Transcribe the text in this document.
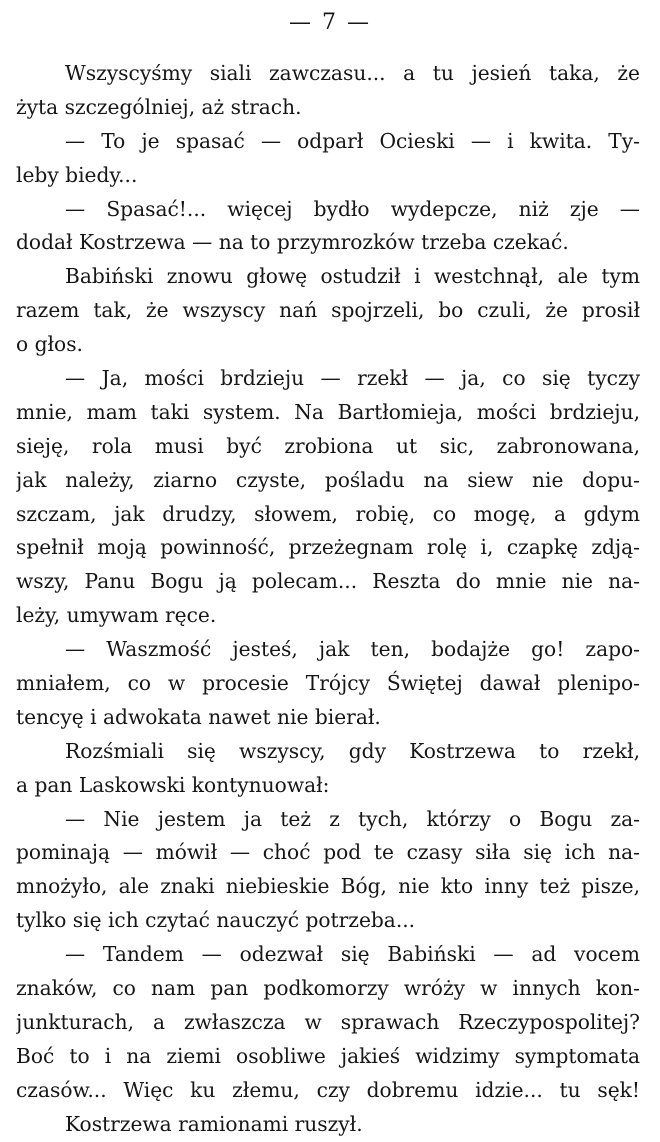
— 7 —
Wszyscyśmy siali zawczasu... a tu jesień taka, że
żyta szczególniej, aż strach.
— To je spasać — odparł Ocieski — i kwita. Ty-
leby biedy...
— Spasać!... więcej bydło wydepcze, niż zje —
dodał Kostrzewa — na to przymrozków trzeba czekać.
Babiński znowu głowę ostudził i westchnął, ale tym
razem tak, że wszyscy nań spojrzeli, bo czuli, że prosił
o głos.
— Ja, mości brdzieju — rzekł — ja, co się tyczy
mnie, mam taki system. Na Bartłomieja, mości brdzieju,
sieję, rola musi być zrobiona ut sic, zabronowana,
jak należy, ziarno czyste, pośladu na siew nie dopu-
szczam, jak drudzy, słowem, robię, co mogę, a gdym
spełnił moją powinność, przeżegnam rolę i, czapkę zdją-
wszy, Panu Bogu ją polecam... Reszta do mnie nie na-
leży, umywam ręce.
— Waszmość jesteś, jak ten, bodajże go! zapo-
mniałem, co w procesie Trójcy Świętej dawał plenipo-
tencyę i adwokata nawet nie bierał.
Rozśmiali się wszyscy, gdy Kostrzewa to rzekł,
a pan Laskowski kontynuował:
— Nie jestem ja też z tych, którzy o Bogu za-
pominają — mówił — choć pod te czasy siła się ich na-
mnożyło, ale znaki niebieskie Bóg, nie kto inny też pisze,
tylko się ich czytać nauczyć potrzeba...
— Tandem — odezwał się Babiński — ad vocem
znaków, co nam pan podkomorzy wróży w innych kon-
junkturach, a zwłaszcza w sprawach Rzeczypospolitej?
Boć to i na ziemi osobliwe jakieś widzimy symptomata
czasów... Więc ku złemu, czy dobremu idzie... tu sęk!
Kostrzewa ramionami ruszył.
